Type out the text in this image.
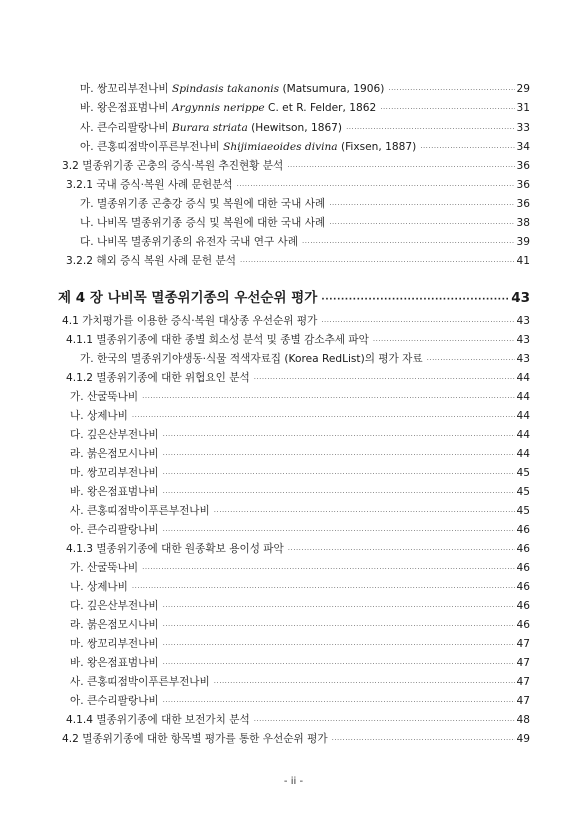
마. 쌍꼬리부전나비 Spindasis takanonis (Matsumura, 1906) ·····	29
바. 왕은점표범나비 Argynnis nerippe C. et R. Felder, 1862 ·····	31
사. 큰수리팔랑나비 Burara striata (Hewitson, 1867) ·····	33
아. 큰홍띠점박이푸른부전나비 Shijimiaeoides divina (Fixsen, 1887) ·····	34
3.2 멸종위기종 곤충의 증식·복원 추진현황 분석 ·····	36
3.2.1 국내 증식·복원 사례 문헌분석 ·····	36
가. 멸종위기종 곤충강 증식 및 복원에 대한 국내 사례 ·····	36
나. 나비목 멸종위기종 증식 및 복원에 대한 국내 사례 ·····	38
다. 나비목 멸종위기종의 유전자 국내 연구 사례 ·····	39
3.2.2 해외 증식 복원 사례 문헌 분석 ·····	41
제 4 장 나비목 멸종위기종의 우선순위 평가 ·····	43
4.1 가치평가를 이용한 증식·복원 대상종 우선순위 평가 ·····	43
4.1.1 멸종위기종에 대한 종별 희소성 분석 및 종별 감소추세 파악 ·····	43
가. 한국의 멸종위기야생동·식물 적색자료집 (Korea RedList)의 평가 자료 ·····	43
4.1.2 멸종위기종에 대한 위협요인 분석 ·····	44
가. 산굴뚝나비 ·····	44
나. 상제나비 ·····	44
다. 깊은산부전나비 ·····	44
라. 붉은점모시나비 ·····	44
마. 쌍꼬리부전나비 ·····	45
바. 왕은점표범나비 ·····	45
사. 큰홍띠점박이푸른부전나비 ·····	45
아. 큰수리팔랑나비 ·····	46
4.1.3 멸종위기종에 대한 원종확보 용이성 파악 ·····	46
가. 산굴뚝나비 ·····	46
나. 상제나비 ·····	46
다. 깊은산부전나비 ·····	46
라. 붉은점모시나비 ·····	46
마. 쌍꼬리부전나비 ·····	47
바. 왕은점표범나비 ·····	47
사. 큰홍띠점박이푸른부전나비 ·····	47
아. 큰수리팔랑나비 ·····	47
4.1.4 멸종위기종에 대한 보전가치 분석 ·····	48
4.2 멸종위기종에 대한 항목별 평가를 통한 우선순위 평가 ·····	49
- ii -
